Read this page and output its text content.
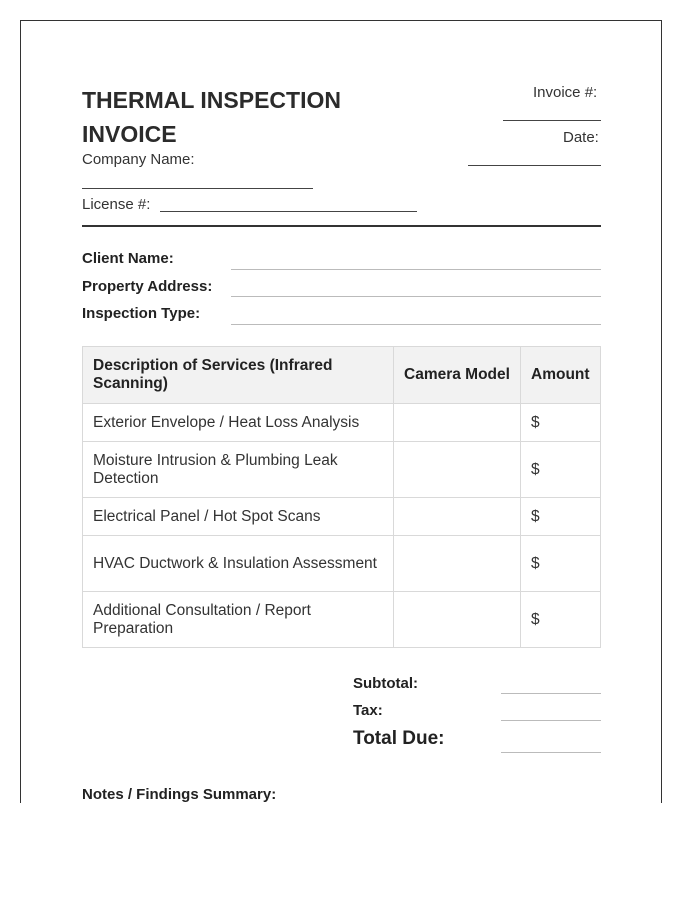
THERMAL INSPECTION
INVOICE
Invoice #:
Date:
Company Name:
License #:
Client Name:
Property Address:
Inspection Type:
Description of Services (Infrared Scanning)	Camera Model	Amount
Exterior Envelope / Heat Loss Analysis		$
Moisture Intrusion & Plumbing Leak Detection		$
Electrical Panel / Hot Spot Scans		$
HVAC Ductwork & Insulation Assessment		$
Additional Consultation / Report Preparation		$
Subtotal:
Tax:
Total Due:
Notes / Findings Summary:
